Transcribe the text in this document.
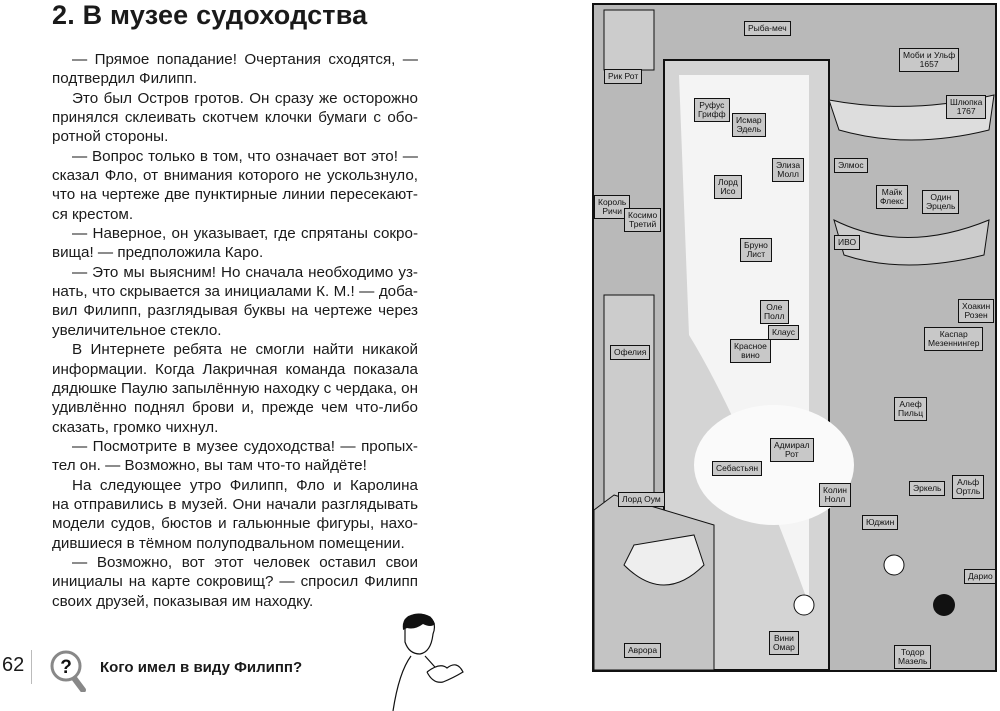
2. В музее судоходства
— Прямое попадание! Очертания сходятся, —
подтвердил Филипп.
Это был Остров гротов. Он сразу же осторожно
принялся склеивать скотчем клочки бумаги с обо-
ротной стороны.
— Вопрос только в том, что означает вот это! —
сказал Фло, от внимания которого не ускользнуло,
что на чертеже две пунктирные линии пересекают-
ся крестом.
— Наверное, он указывает, где спрятаны сокро-
вища! — предположила Каро.
— Это мы выясним! Но сначала необходимо уз-
нать, что скрывается за инициалами К. М.! — доба-
вил Филипп, разглядывая буквы на чертеже через
увеличительное стекло.
В Интернете ребята не смогли найти никакой
информации. Когда Лакричная команда показала
дядюшке Паулю запылённую находку с чердака, он
удивлённо поднял брови и, прежде чем что-либо
сказать, громко чихнул.
— Посмотрите в музее судоходства! — пропых-
тел он. — Возможно, вы там что-то найдёте!
На следующее утро Филипп, Фло и Каролина
на отправились в музей. Они начали разглядывать
модели судов, бюстов и гальюнные фигуры, нахо-
дившиеся в тёмном полуподвальном помещении.
— Возможно, вот этот человек оставил свои
инициалы на карте сокровищ? — спросил Филипп
своих друзей, показывая им находку.
62 ? Кого имел в виду Филипп?
Рыба-меч
Рик Рот
Моби и Ульф
1657
Шлюпка
1767
Руфус
Грифф
Исмар
Эдель
Элиза
Молл
Элмос
Лорд
Исо	Майк
Флекс	Один
Эрцель
Король
Ричи Косимо
Третий
Бруно
Лист
ИВО
Оле
Полл
Клаус
Офелия
Красное
вино
Хоакин
Розен
Каспар
Мезеннингер
Алеф
Пильц
Адмирал
Рот
Себастьян
Лорд Оум
Колин
Нолл
Юджин
Эркель
Альф
Ортль
Дарио
Аврора
Вини
Омар	Тодор
Мазель
